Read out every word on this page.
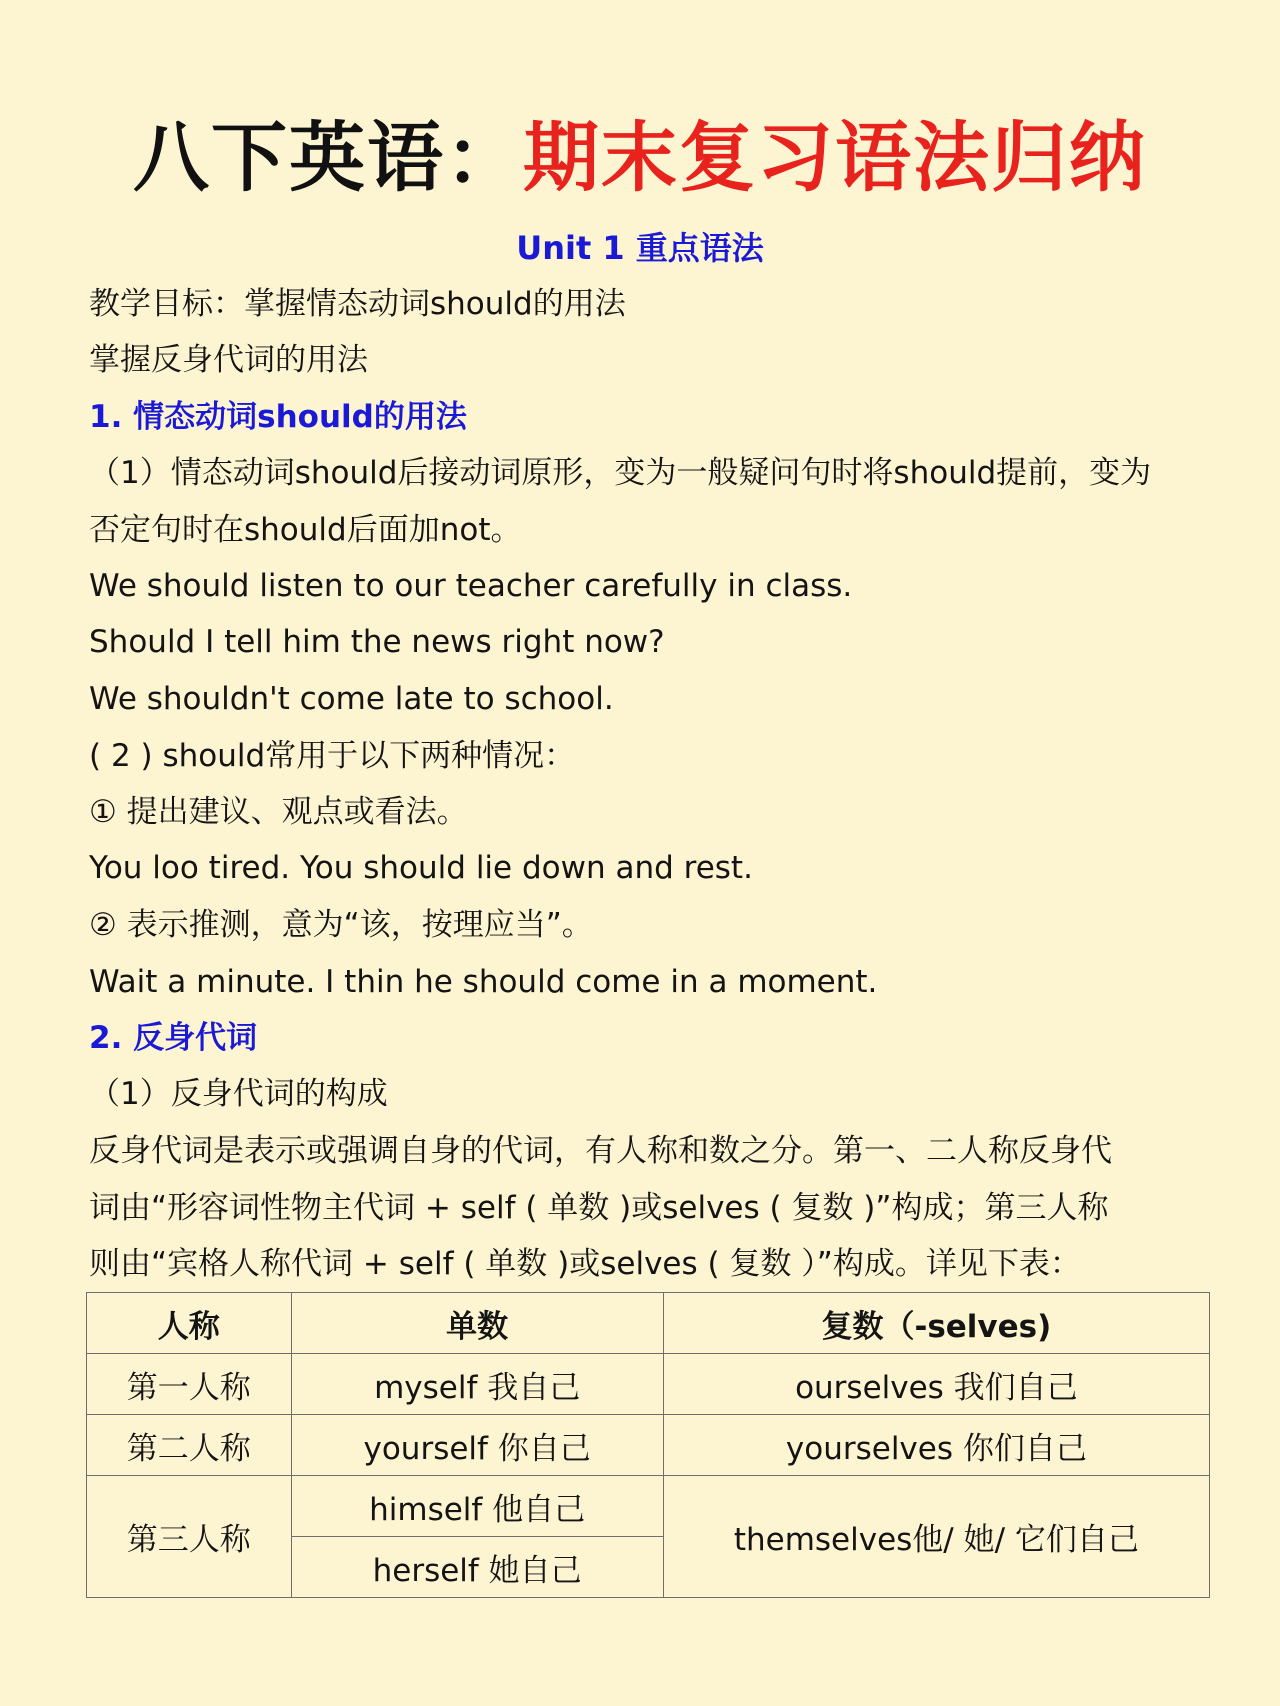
八下英语：期末复习语法归纳
Unit 1 重点语法
教学目标：掌握情态动词should的用法
掌握反身代词的用法
1. 情态动词should的用法
（1）情态动词should后接动词原形，变为一般疑问句时将should提前，变为
否定句时在should后面加not。
We should listen to our teacher carefully in class.
Should I tell him the news right now?
We shouldn't come late to school.
( 2 ) should常用于以下两种情况：
① 提出建议、观点或看法。
You loo tired. You should lie down and rest.
② 表示推测，意为“该，按理应当”。
Wait a minute. I thin he should come in a moment.
2. 反身代词
（1）反身代词的构成
反身代词是表示或强调自身的代词，有人称和数之分。第一、二人称反身代
词由“形容词性物主代词 + self ( 单数 )或selves ( 复数 )”构成；第三人称
则由“宾格人称代词 + self ( 单数 )或selves ( 复数 ）”构成。详见下表：
人称	单数	复数（-selves)
第一人称	myself 我自己	ourselves 我们自己
第二人称	yourself 你自己	yourselves 你们自己
第三人称	himself 他自己	themselves他/ 她/ 它们自己
	herself 她自己	
